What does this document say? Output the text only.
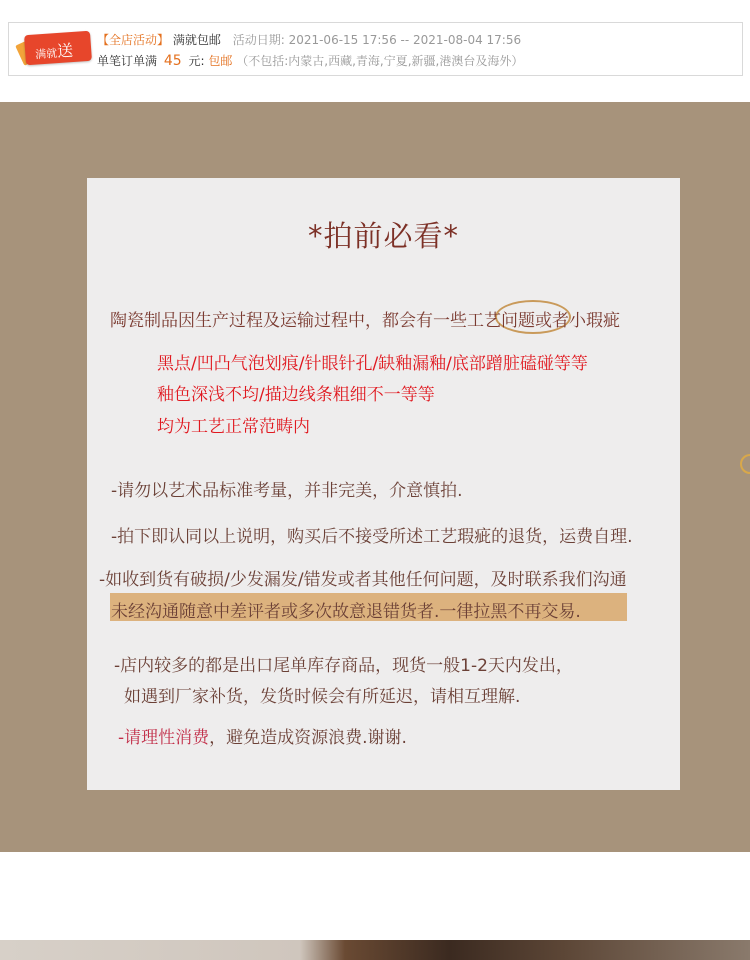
满就送
【全店活动】 满就包邮 活动日期: 2021-06-15 17:56 -- 2021-08-04 17:56
单笔订单满 45 元: 包邮 （不包括:内蒙古,西藏,青海,宁夏,新疆,港澳台及海外）
*拍前必看*
陶瓷制品因生产过程及运输过程中，都会有一些工艺问题或者小瑕疵
黑点/凹凸气泡划痕/针眼针孔/缺釉漏釉/底部蹭脏磕碰等等
釉色深浅不均/描边线条粗细不一等等
均为工艺正常范畴内
-请勿以艺术品标准考量，并非完美，介意慎拍.
-拍下即认同以上说明，购买后不接受所述工艺瑕疵的退货，运费自理.
-如收到货有破损/少发漏发/错发或者其他任何问题，及时联系我们沟通
未经沟通随意中差评者或多次故意退错货者.一律拉黑不再交易.
-店内较多的都是出口尾单库存商品，现货一般1-2天内发出，
如遇到厂家补货，发货时候会有所延迟，请相互理解.
-请理性消费，避免造成资源浪费.谢谢.
